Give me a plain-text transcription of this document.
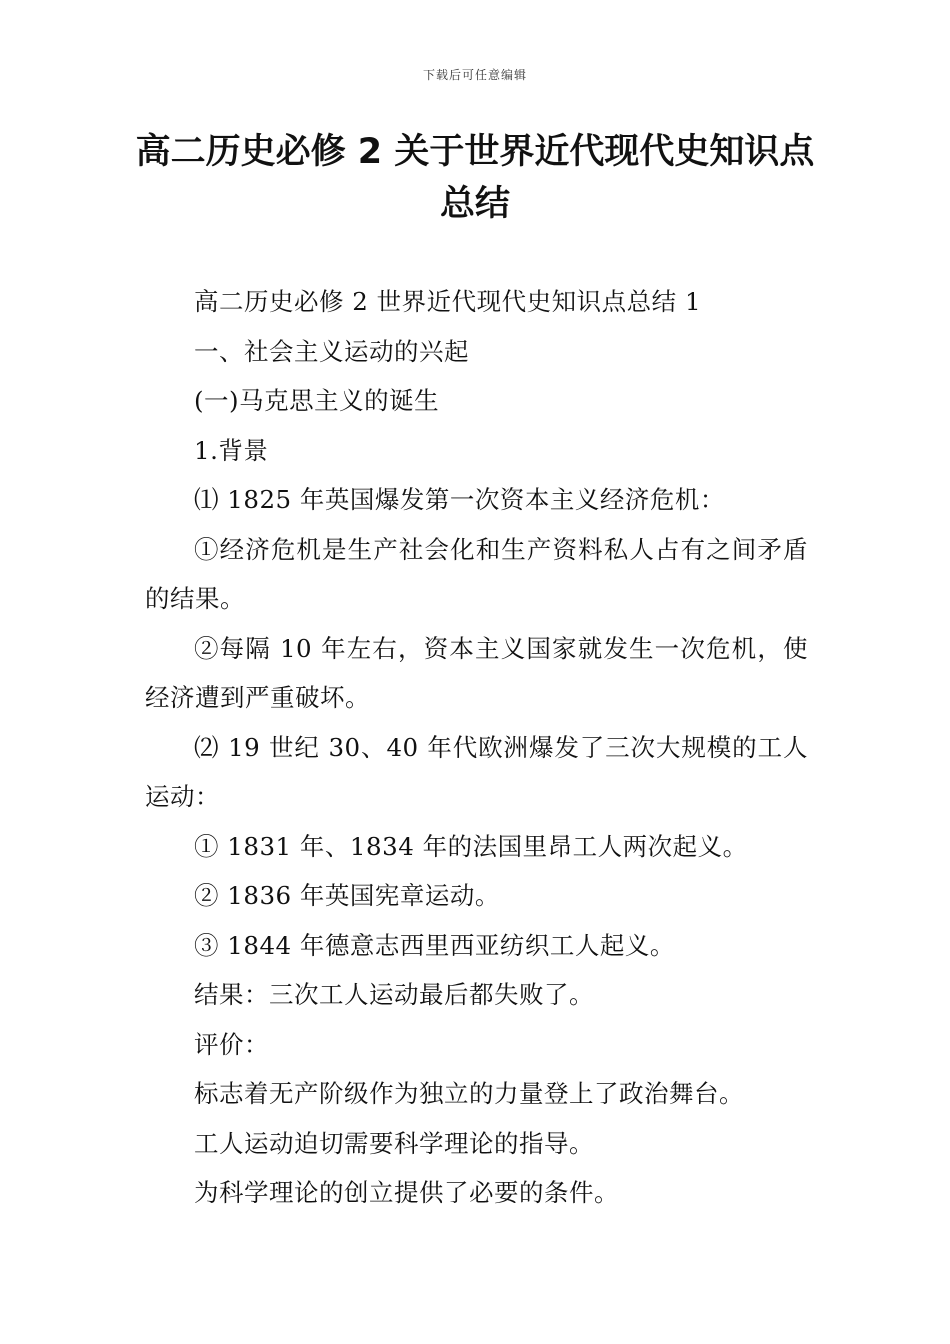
下载后可任意编辑
高二历史必修 2 关于世界近代现代史知识点总结

高二历史必修 2 世界近代现代史知识点总结 1

一、社会主义运动的兴起

(一)马克思主义的诞生

1.背景

⑴ 1825 年英国爆发第一次资本主义经济危机：

①经济危机是生产社会化和生产资料私人占有之间矛盾的结果。

②每隔 10 年左右，资本主义国家就发生一次危机，使经济遭到严重破坏。

⑵ 19 世纪 30、40 年代欧洲爆发了三次大规模的工人运动：

① 1831 年、1834 年的法国里昂工人两次起义。

② 1836 年英国宪章运动。

③ 1844 年德意志西里西亚纺织工人起义。

结果：三次工人运动最后都失败了。

评价：

标志着无产阶级作为独立的力量登上了政治舞台。

工人运动迫切需要科学理论的指导。

为科学理论的创立提供了必要的条件。
